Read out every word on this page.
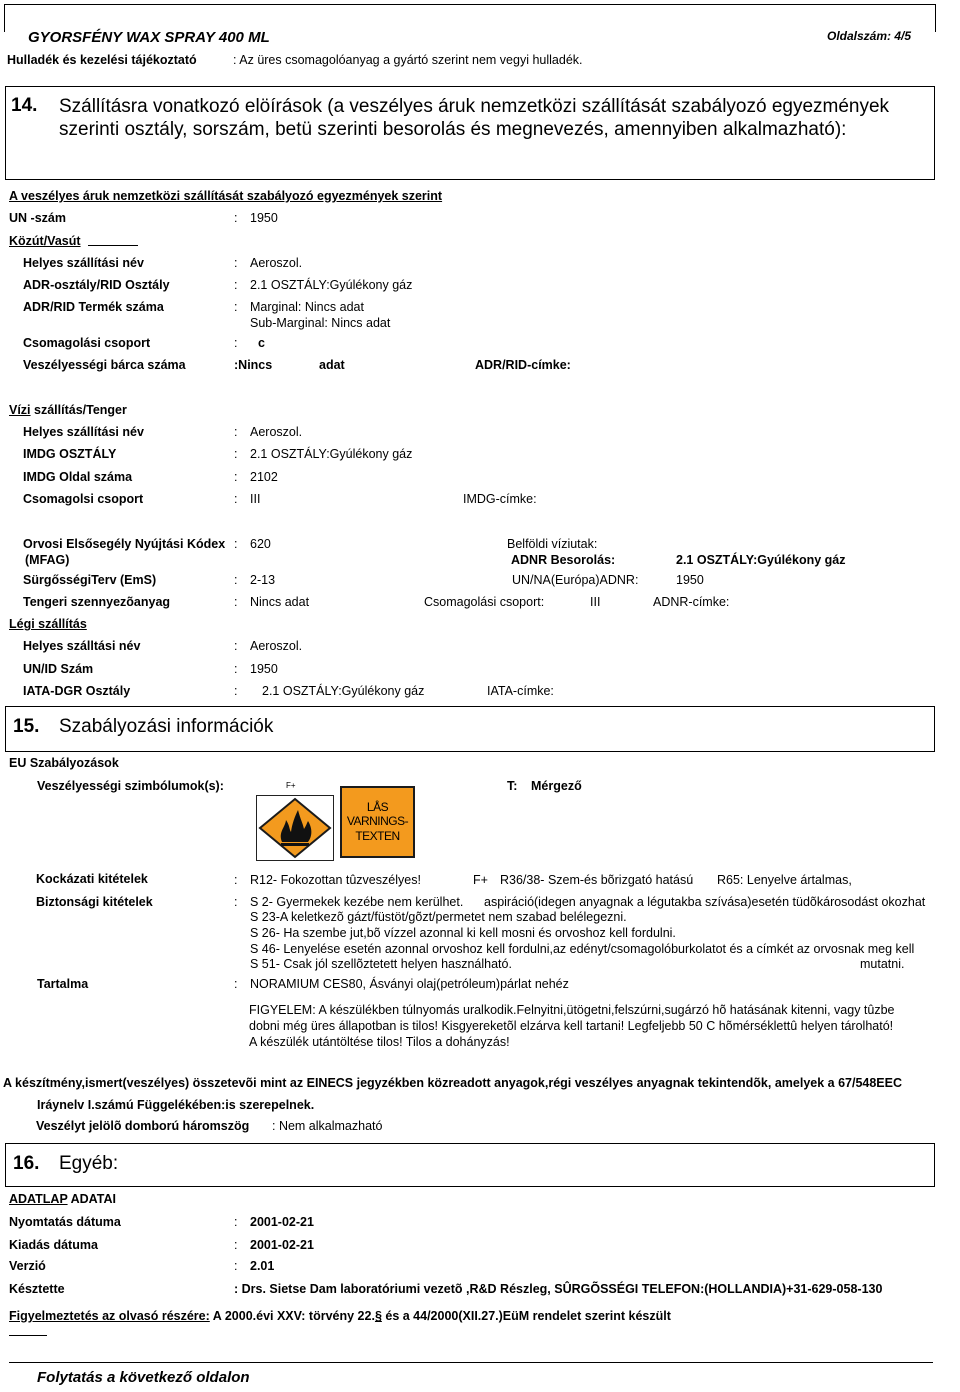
GYORSFÉNY WAX SPRAY 400 ML	Oldalszám: 4/5
Hulladék és kezelési tájékoztató	: Az üres csomagolóanyag a gyártó szerint nem vegyi hulladék.
14. Szállításra vonatkozó elöírások (a veszélyes áruk nemzetközi szállítását szabályozó egyezmények szerinti osztály, sorszám, betü szerinti besorolás és megnevezés, amennyiben alkalmazható):
A veszélyes áruk nemzetközi szállítását szabályozó egyezmények szerint
UN -szám	: 1950
Közút/Vasút
Helyes szállítási név	: Aeroszol.
ADR-osztály/RID Osztály	: 2.1 OSZTÁLY:Gyúlékony gáz
ADR/RID Termék száma	: Marginal: Nincs adat
Sub-Marginal: Nincs adat
Csomagolási csoport	: c
Veszélyességi bárca száma	:Nincs	adat	ADR/RID-címke:
Vízi szállítás/Tenger
Helyes szállítási név	: Aeroszol.
IMDG OSZTÁLY	: 2.1 OSZTÁLY:Gyúlékony gáz
IMDG Oldal száma	: 2102
Csomagolsi csoport	: III	IMDG-címke:
Orvosi Elsősegély Nyújtási Kódex
(MFAG)
: 620	Belföldi víziutak:
ADNR Besorolás:	2.1 OSZTÁLY:Gyúlékony gáz
SürgősségiTerv (EmS)	: 2-13	UN/NA(Európa)ADNR:	1950
Tengeri szennyezõanyag	: Nincs adat	Csomagolási csoport:	III	ADNR-címke:
Légi szállítás
Helyes szálltási név	: Aeroszol.
UN/ID Szám	: 1950
IATA-DGR Osztály	: 2.1 OSZTÁLY:Gyúlékony gáz	IATA-címke:
15. Szabályozási információk
EU Szabályozások
Veszélyességi szimbólumok(s):	F+
LÅS
VARNINGS-
TEXTEN
T: Mérgező
Kockázati kitételek	: R12- Fokozottan tûzveszélyes!	F+ R36/38- Szem-és bõrizgató hatású R65: Lenyelve ártalmas,
Biztonsági kitételek	: S 2- Gyermekek kezébe nem kerülhet. aspiráció(idegen anyagnak a légutakba szívása)esetén tüdõkárosodást okozhat
S 23-A keletkezõ gázt/füstöt/gõzt/permetet nem szabad belélegezni.
S 26- Ha szembe jut,bõ vízzel azonnal ki kell mosni és orvoshoz kell fordulni.
S 46- Lenyelése esetén azonnal orvoshoz kell fordulni,az edényt/csomagolóburkolatot és a címkét az orvosnak meg kell
S 51- Csak jól szellõztetett helyen használható.	mutatni.
Tartalma	: NORAMIUM CES80, Ásványi olaj(petróleum)párlat nehéz
FIGYELEM: A készülékben túlnyomás uralkodik.Felnyitni,ütögetni,felszúrni,sugárzó hõ hatásának kitenni, vagy tûzbe
dobni még üres állapotban is tilos! Kisgyereketõl elzárva kell tartani! Legfeljebb 50 C hõmérséklettû helyen tárolható!
A készülék utántöltése tilos! Tilos a dohányzás!
A készítmény,ismert(veszélyes) összetevõi mint az EINECS jegyzékben közreadott anyagok,régi veszélyes anyagnak tekintendõk, amelyek a 67/548EEC
Iráynelv I.számú Függelékében:is szerepelnek.
Veszélyt jelölõ domború háromszög : Nem alkalmazható
16. Egyéb:
ADATLAP ADATAI
Nyomtatás dátuma	: 2001-02-21
Kiadás dátuma	: 2001-02-21
Verzió	: 2.01
Késztette	: Drs. Sietse Dam laboratóriumi vezetõ ,R&D Részleg, SÛRGÕSSÉGI TELEFON:(HOLLANDIA)+31-629-058-130
Figyelmeztetés az olvasó részére: A 2000.évi XXV: törvény 22.§ és a 44/2000(XII.27.)EüM rendelet szerint készült
Folytatás a következő oldalon
